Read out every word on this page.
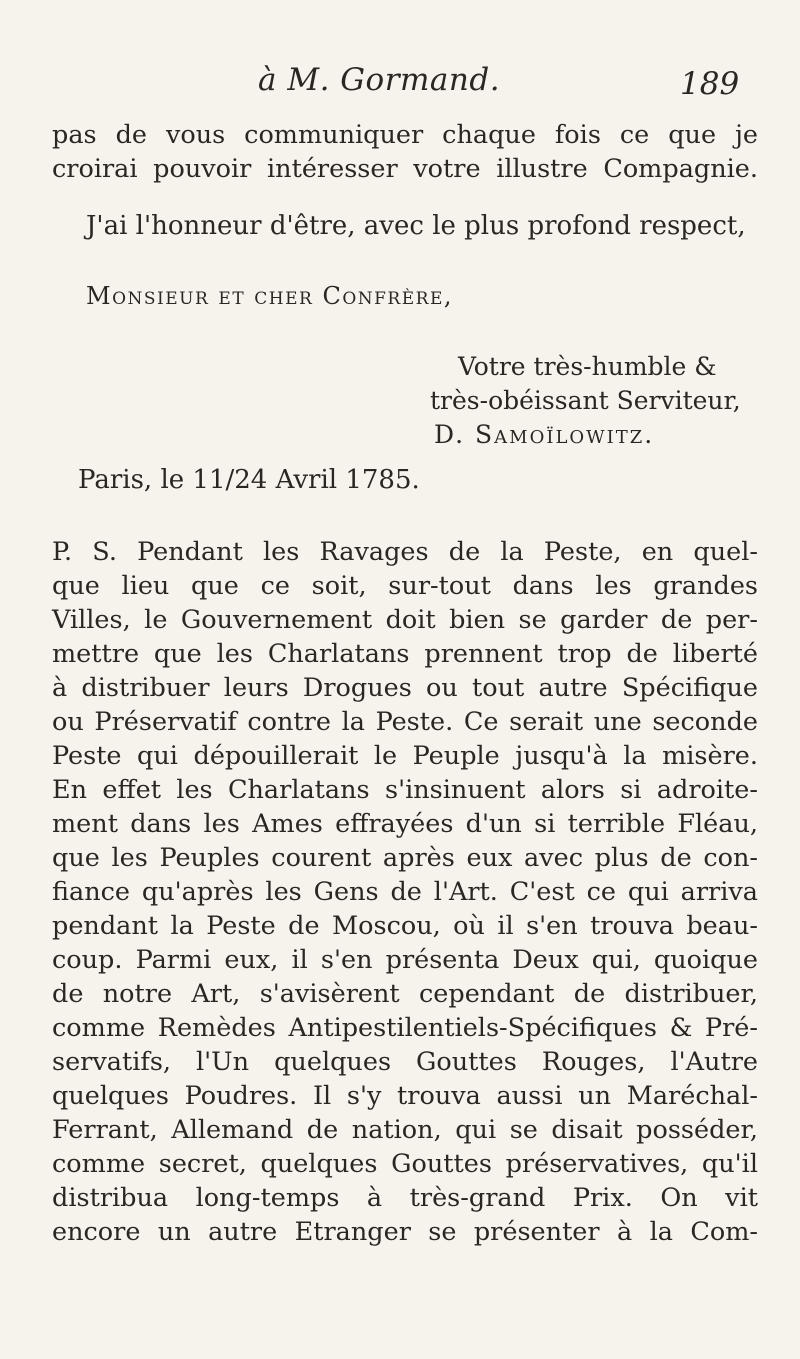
à M. Gormand.	189
pas de vous communiquer chaque fois ce que je
croirai pouvoir intéresser votre illustre Compagnie.
J'ai l'honneur d'être, avec le plus profond respect,
Monsieur et cher Confrère,
Votre très-humble &
très-obéissant Serviteur,
D. Samoïlowitz.
Paris, le 11/24 Avril 1785.
P. S. Pendant les Ravages de la Peste, en quel-
que lieu que ce soit, sur-tout dans les grandes
Villes, le Gouvernement doit bien se garder de per-
mettre que les Charlatans prennent trop de liberté
à distribuer leurs Drogues ou tout autre Spécifique
ou Préservatif contre la Peste. Ce serait une seconde
Peste qui dépouillerait le Peuple jusqu'à la misère.
En effet les Charlatans s'insinuent alors si adroite-
ment dans les Ames effrayées d'un si terrible Fléau,
que les Peuples courent après eux avec plus de con-
fiance qu'après les Gens de l'Art. C'est ce qui arriva
pendant la Peste de Moscou, où il s'en trouva beau-
coup. Parmi eux, il s'en présenta Deux qui, quoique
de notre Art, s'avisèrent cependant de distribuer,
comme Remèdes Antipestilentiels-Spécifiques & Pré-
servatifs, l'Un quelques Gouttes Rouges, l'Autre
quelques Poudres. Il s'y trouva aussi un Maréchal-
Ferrant, Allemand de nation, qui se disait posséder,
comme secret, quelques Gouttes préservatives, qu'il
distribua long-temps à très-grand Prix. On vit
encore un autre Etranger se présenter à la Com-
